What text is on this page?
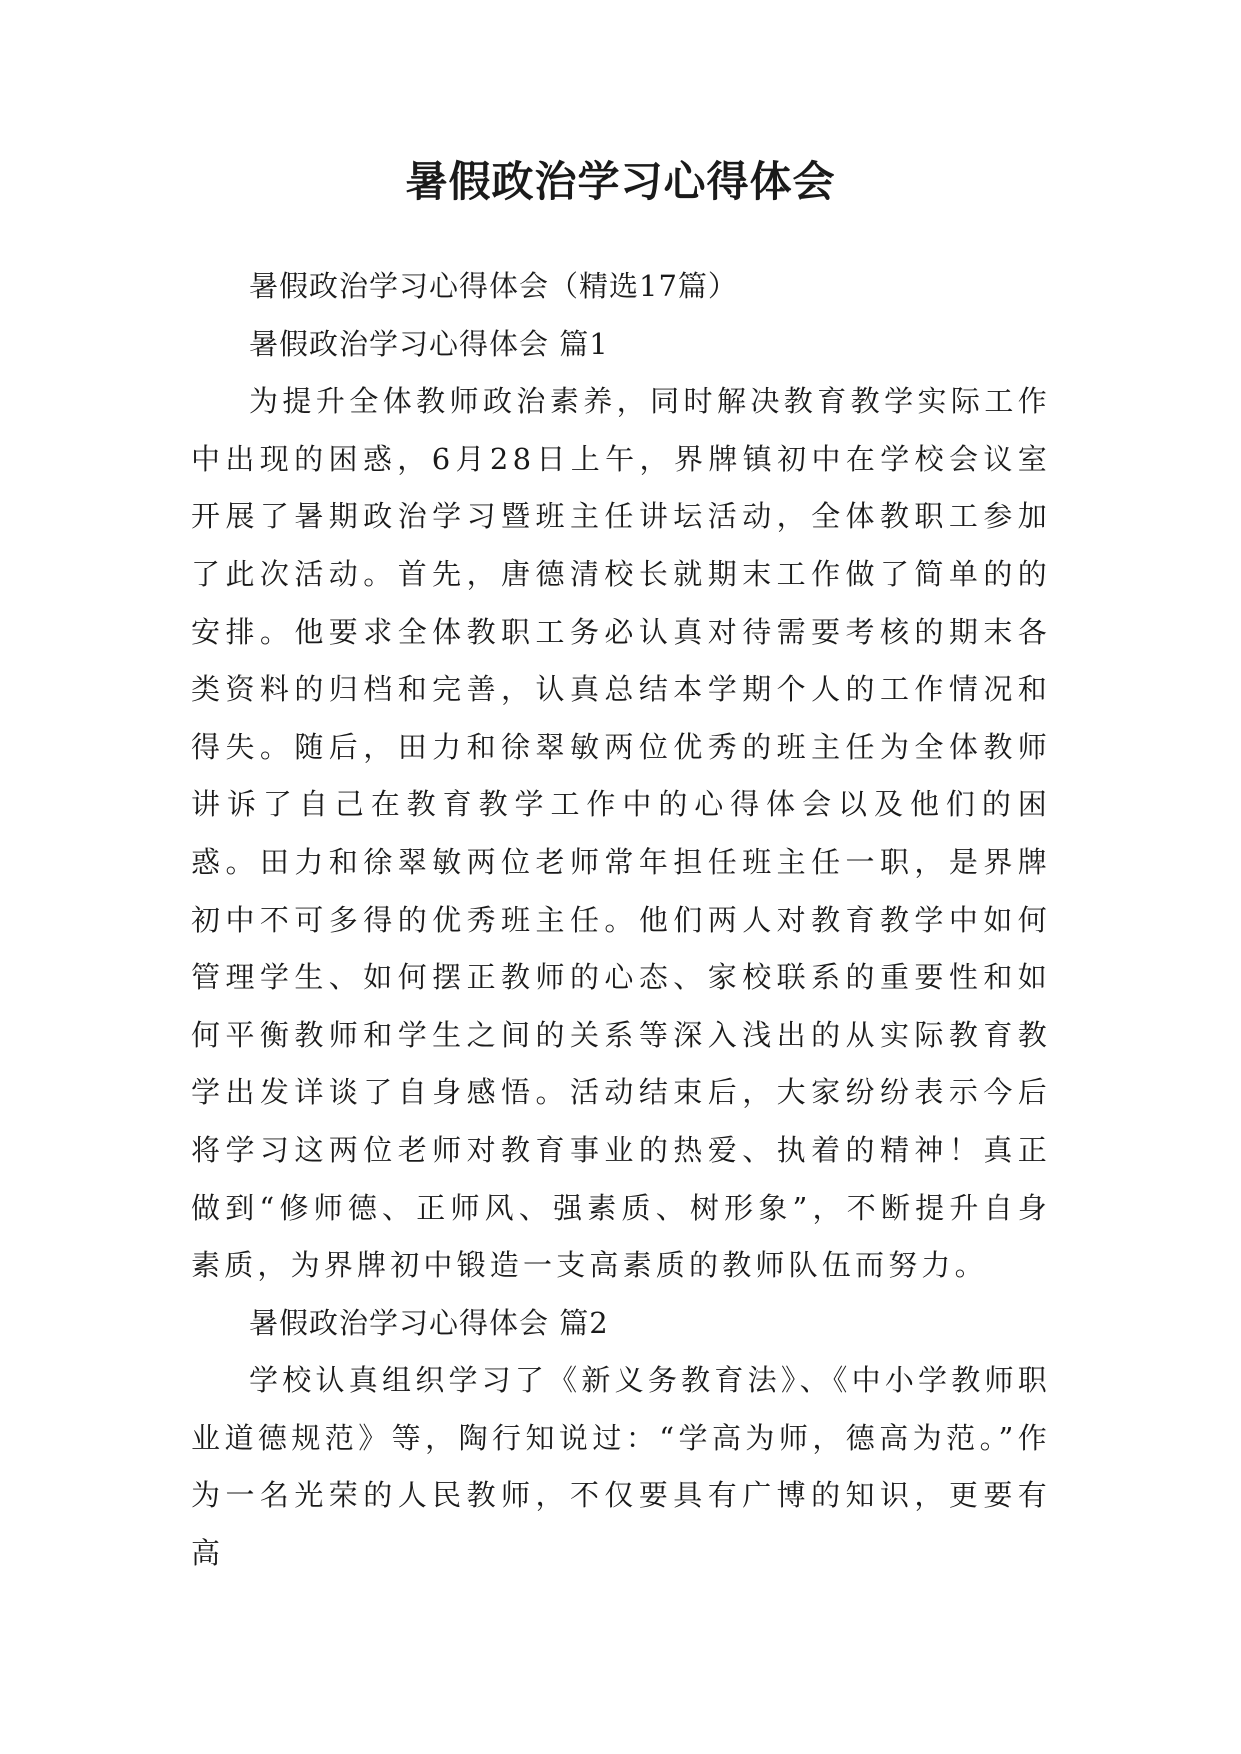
暑假政治学习心得体会

暑假政治学习心得体会（精选17篇）

暑假政治学习心得体会 篇1

为提升全体教师政治素养，同时解决教育教学实际工作中出现的困惑，6月28日上午，界牌镇初中在学校会议室开展了暑期政治学习暨班主任讲坛活动，全体教职工参加了此次活动。首先，唐德清校长就期末工作做了简单的的安排。他要求全体教职工务必认真对待需要考核的期末各类资料的归档和完善，认真总结本学期个人的工作情况和得失。随后，田力和徐翠敏两位优秀的班主任为全体教师讲诉了自己在教育教学工作中的心得体会以及他们的困惑。田力和徐翠敏两位老师常年担任班主任一职，是界牌初中不可多得的优秀班主任。他们两人对教育教学中如何管理学生、如何摆正教师的心态、家校联系的重要性和如何平衡教师和学生之间的关系等深入浅出的从实际教育教学出发详谈了自身感悟。活动结束后，大家纷纷表示今后将学习这两位老师对教育事业的热爱、执着的精神！真正做到“修师德、正师风、强素质、树形象”，不断提升自身素质，为界牌初中锻造一支高素质的教师队伍而努力。

暑假政治学习心得体会 篇2

学校认真组织学习了《新义务教育法》、《中小学教师职业道德规范》等，陶行知说过：“学高为师，德高为范。”作为一名光荣的人民教师，不仅要具有广博的知识，更要有高
